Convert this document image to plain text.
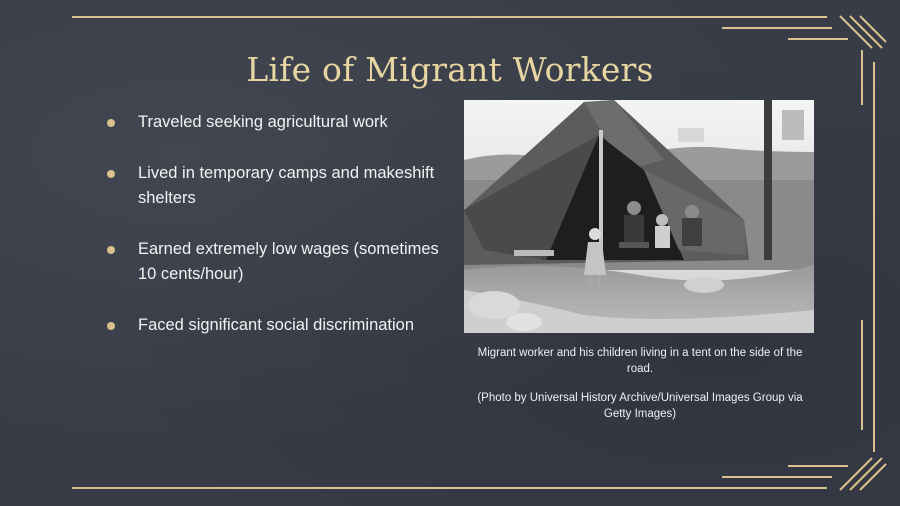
Life of Migrant Workers
Traveled seeking agricultural work
Lived in temporary camps and makeshift shelters
Earned extremely low wages (sometimes 10 cents/hour)
Faced significant social discrimination

Migrant worker and his children living in a tent on the side of the road.

(Photo by Universal History Archive/Universal Images Group via Getty Images)
